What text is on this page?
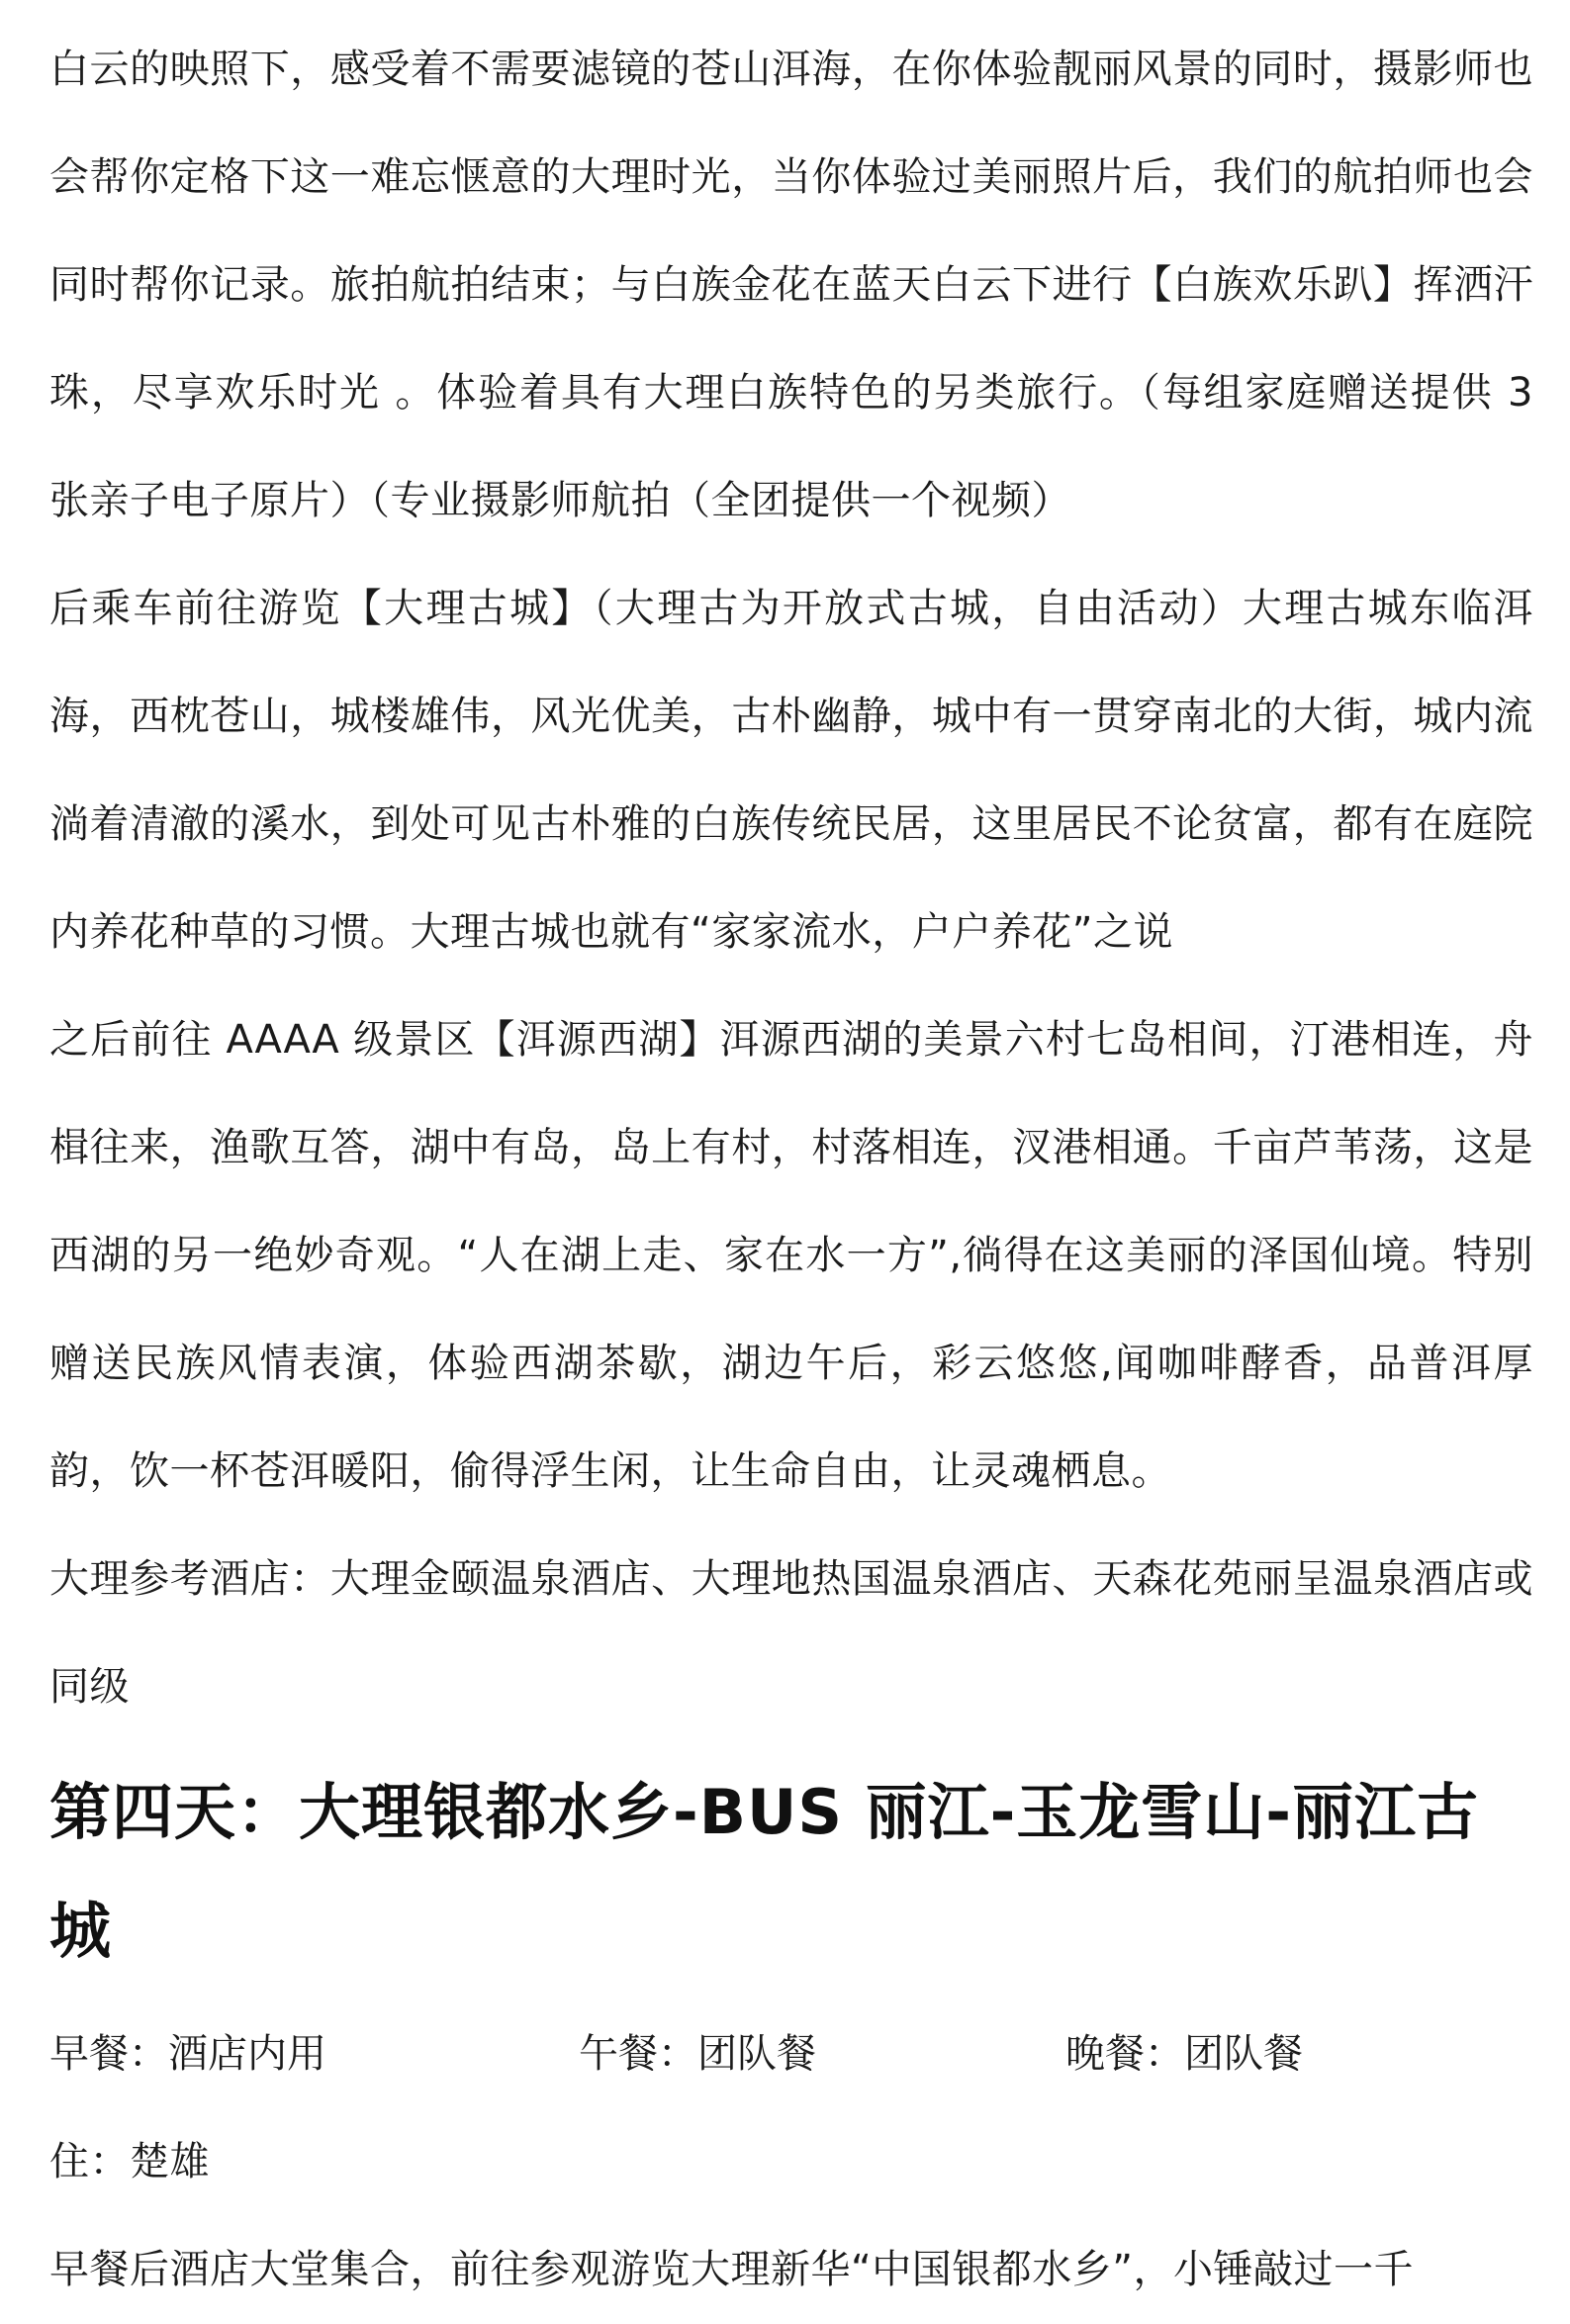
白云的映照下，感受着不需要滤镜的苍山洱海，在你体验靓丽风景的同时，摄影师也会帮你定格下这一难忘惬意的大理时光，当你体验过美丽照片后，我们的航拍师也会同时帮你记录。旅拍航拍结束；与白族金花在蓝天白云下进行【白族欢乐趴】挥洒汗珠，尽享欢乐时光 。体验着具有大理白族特色的另类旅行。（每组家庭赠送提供 3 张亲子电子原片）（专业摄影师航拍（全团提供一个视频）

后乘车前往游览【大理古城】（大理古为开放式古城，自由活动）大理古城东临洱海，西枕苍山，城楼雄伟，风光优美，古朴幽静，城中有一贯穿南北的大街，城内流淌着清澈的溪水，到处可见古朴雅的白族传统民居，这里居民不论贫富，都有在庭院内养花种草的习惯。大理古城也就有“家家流水，户户养花”之说

之后前往 AAAA 级景区【洱源西湖】洱源西湖的美景六村七岛相间，汀港相连，舟楫往来，渔歌互答，湖中有岛，岛上有村，村落相连，汊港相通。千亩芦苇荡，这是西湖的另一绝妙奇观。“人在湖上走、家在水一方”,徜得在这美丽的泽国仙境。特别赠送民族风情表演，体验西湖茶歇，湖边午后，彩云悠悠,闻咖啡酵香，品普洱厚韵，饮一杯苍洱暖阳，偷得浮生闲，让生命自由，让灵魂栖息。

大理参考酒店：大理金颐温泉酒店、大理地热国温泉酒店、天森花苑丽呈温泉酒店或同级

第四天：大理银都水乡-BUS 丽江-玉龙雪山-丽江古城
早餐：酒店内用	午餐：团队餐	晚餐：团队餐

住：楚雄

早餐后酒店大堂集合，前往参观游览大理新华“中国银都水乡”，小锤敲过一千
